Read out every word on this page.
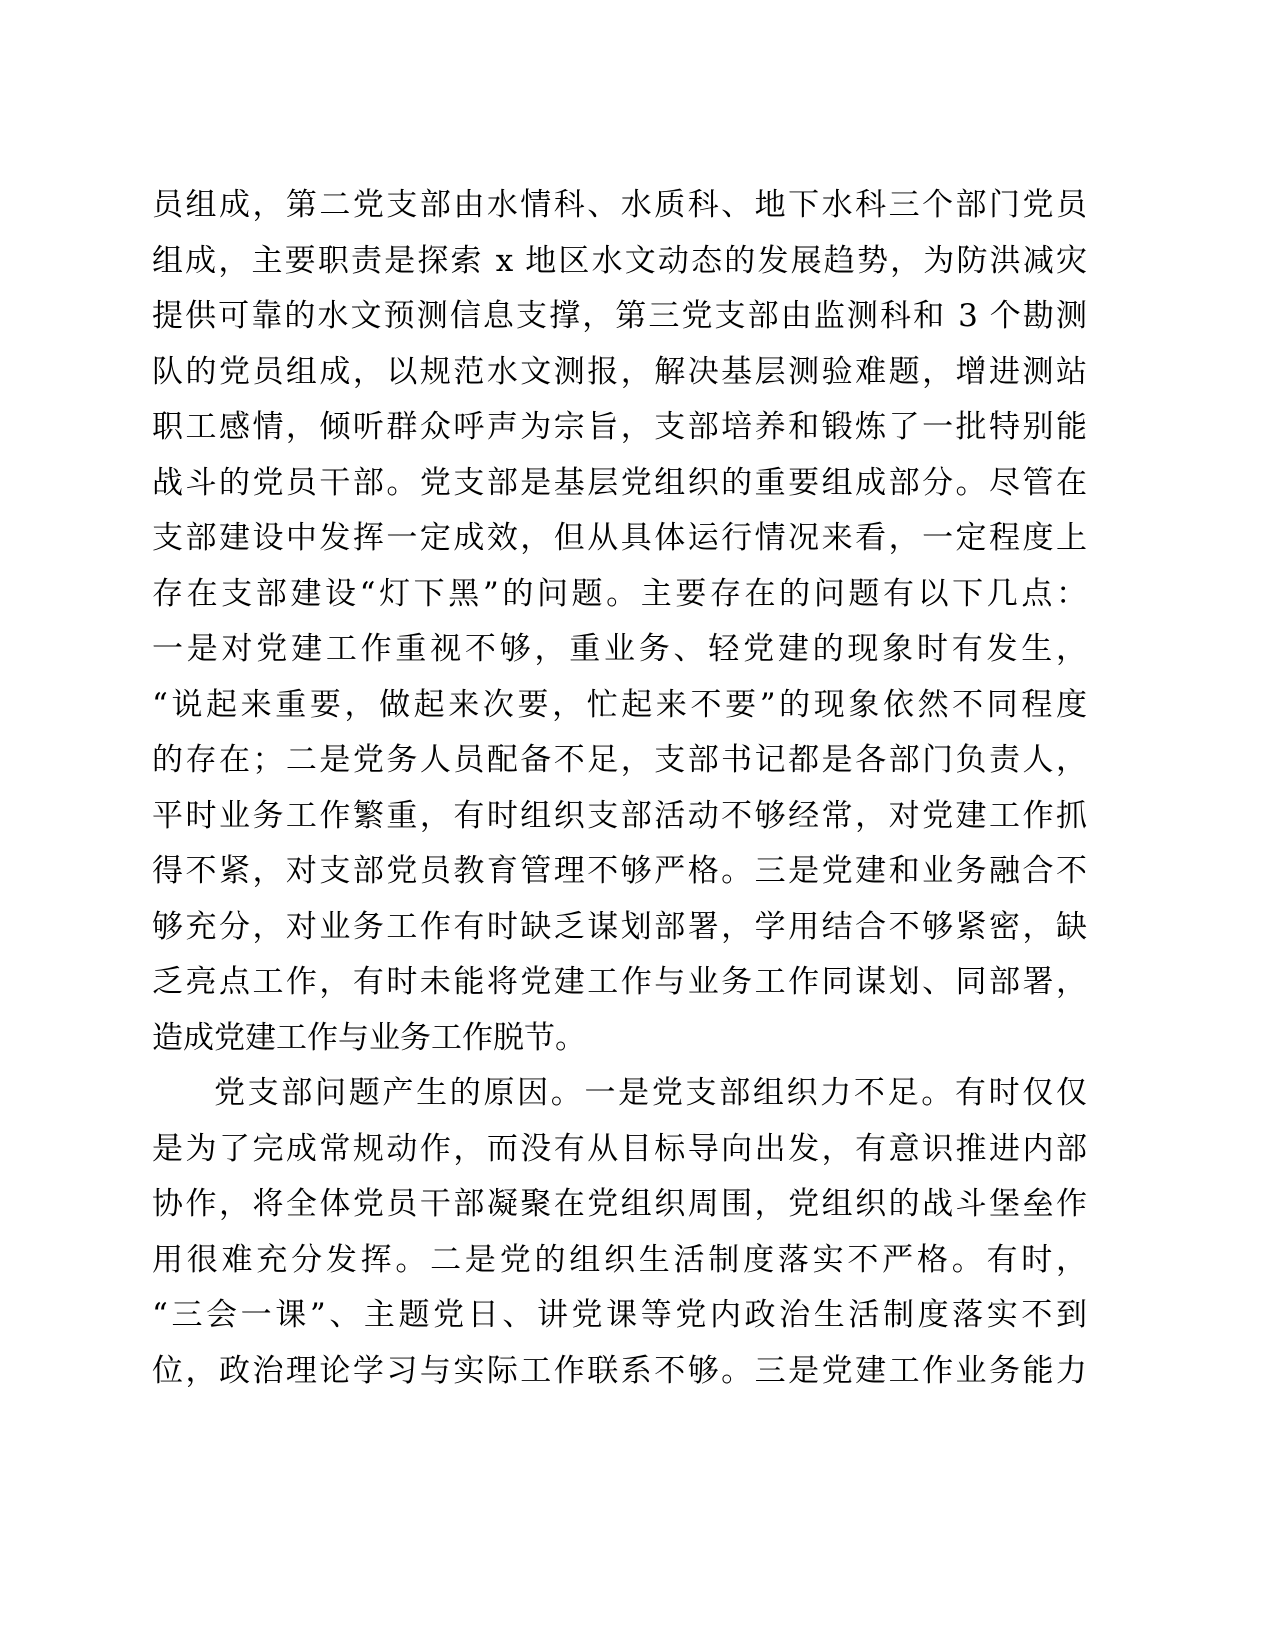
员组成，第二党支部由水情科、水质科、地下水科三个部门党员
组成，主要职责是探索 x 地区水文动态的发展趋势，为防洪减灾
提供可靠的水文预测信息支撑，第三党支部由监测科和 3 个勘测
队的党员组成，以规范水文测报，解决基层测验难题，增进测站
职工感情，倾听群众呼声为宗旨，支部培养和锻炼了一批特别能
战斗的党员干部。党支部是基层党组织的重要组成部分。尽管在
支部建设中发挥一定成效，但从具体运行情况来看，一定程度上
存在支部建设“灯下黑”的问题。主要存在的问题有以下几点：
一是对党建工作重视不够，重业务、轻党建的现象时有发生，
“说起来重要，做起来次要，忙起来不要”的现象依然不同程度
的存在；二是党务人员配备不足，支部书记都是各部门负责人，
平时业务工作繁重，有时组织支部活动不够经常，对党建工作抓
得不紧，对支部党员教育管理不够严格。三是党建和业务融合不
够充分，对业务工作有时缺乏谋划部署，学用结合不够紧密，缺
乏亮点工作，有时未能将党建工作与业务工作同谋划、同部署，
造成党建工作与业务工作脱节。
党支部问题产生的原因。一是党支部组织力不足。有时仅仅
是为了完成常规动作，而没有从目标导向出发，有意识推进内部
协作，将全体党员干部凝聚在党组织周围，党组织的战斗堡垒作
用很难充分发挥。二是党的组织生活制度落实不严格。有时，
“三会一课”、主题党日、讲党课等党内政治生活制度落实不到
位，政治理论学习与实际工作联系不够。三是党建工作业务能力
